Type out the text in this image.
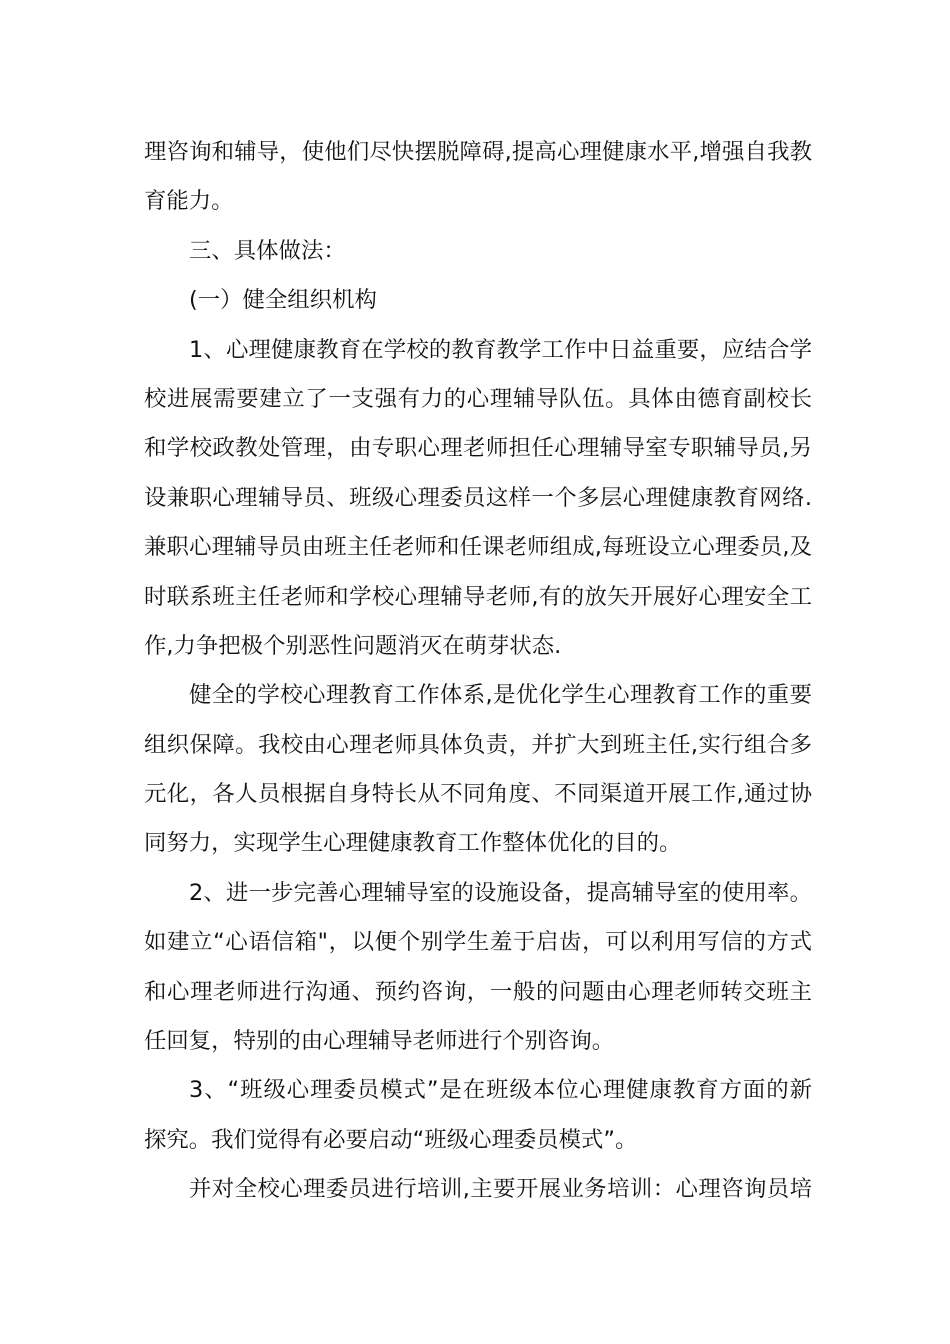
理咨询和辅导，使他们尽快摆脱障碍,提高心理健康水平,增强自我教
育能力。
三、具体做法：
(一）健全组织机构
1、心理健康教育在学校的教育教学工作中日益重要，应结合学
校进展需要建立了一支强有力的心理辅导队伍。具体由德育副校长
和学校政教处管理，由专职心理老师担任心理辅导室专职辅导员,另
设兼职心理辅导员、班级心理委员这样一个多层心理健康教育网络.
兼职心理辅导员由班主任老师和任课老师组成,每班设立心理委员,及
时联系班主任老师和学校心理辅导老师,有的放矢开展好心理安全工
作,力争把极个别恶性问题消灭在萌芽状态.
健全的学校心理教育工作体系,是优化学生心理教育工作的重要
组织保障。我校由心理老师具体负责，并扩大到班主任,实行组合多
元化，各人员根据自身特长从不同角度、不同渠道开展工作,通过协
同努力，实现学生心理健康教育工作整体优化的目的。
2、进一步完善心理辅导室的设施设备，提高辅导室的使用率。
如建立“心语信箱"，以便个别学生羞于启齿，可以利用写信的方式
和心理老师进行沟通、预约咨询，一般的问题由心理老师转交班主
任回复，特别的由心理辅导老师进行个别咨询。
3、“班级心理委员模式”是在班级本位心理健康教育方面的新
探究。我们觉得有必要启动“班级心理委员模式”。
并对全校心理委员进行培训,主要开展业务培训：心理咨询员培
